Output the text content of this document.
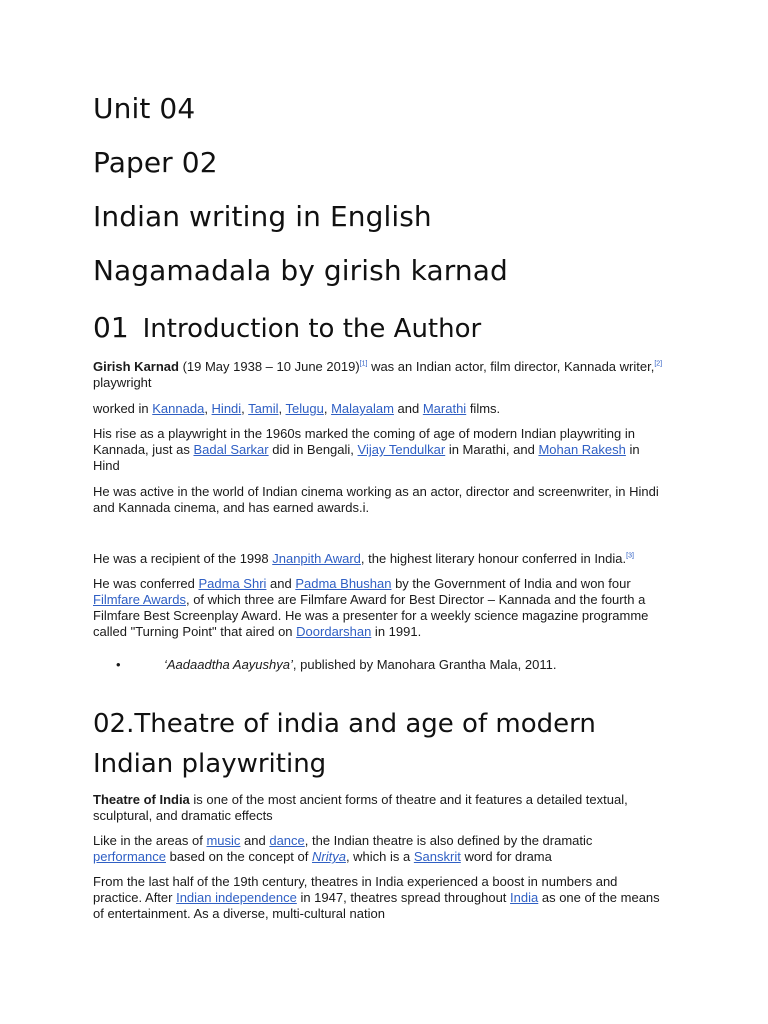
Unit 04
Paper 02
Indian writing in English
Nagamadala by girish karnad
01 Introduction to the Author
Girish Karnad (19 May 1938 – 10 June 2019)[1] was an Indian actor, film director, Kannada writer,[2] playwright
worked in Kannada, Hindi, Tamil, Telugu, Malayalam and Marathi films.
His rise as a playwright in the 1960s marked the coming of age of modern Indian playwriting in Kannada, just as Badal Sarkar did in Bengali, Vijay Tendulkar in Marathi, and Mohan Rakesh in Hind
He was active in the world of Indian cinema working as an actor, director and screenwriter, in Hindi and Kannada cinema, and has earned awards.i.
He was a recipient of the 1998 Jnanpith Award, the highest literary honour conferred in India.[3]
He was conferred Padma Shri and Padma Bhushan by the Government of India and won four Filmfare Awards, of which three are Filmfare Award for Best Director – Kannada and the fourth a Filmfare Best Screenplay Award. He was a presenter for a weekly science magazine programme called "Turning Point" that aired on Doordarshan in 1991.
•	‘Aadaadtha Aayushya’, published by Manohara Grantha Mala, 2011.
02.Theatre of india and age of modern Indian playwriting
Theatre of India is one of the most ancient forms of theatre and it features a detailed textual, sculptural, and dramatic effects
Like in the areas of music and dance, the Indian theatre is also defined by the dramatic performance based on the concept of Nritya, which is a Sanskrit word for drama
From the last half of the 19th century, theatres in India experienced a boost in numbers and practice. After Indian independence in 1947, theatres spread throughout India as one of the means of entertainment. As a diverse, multi-cultural nation
